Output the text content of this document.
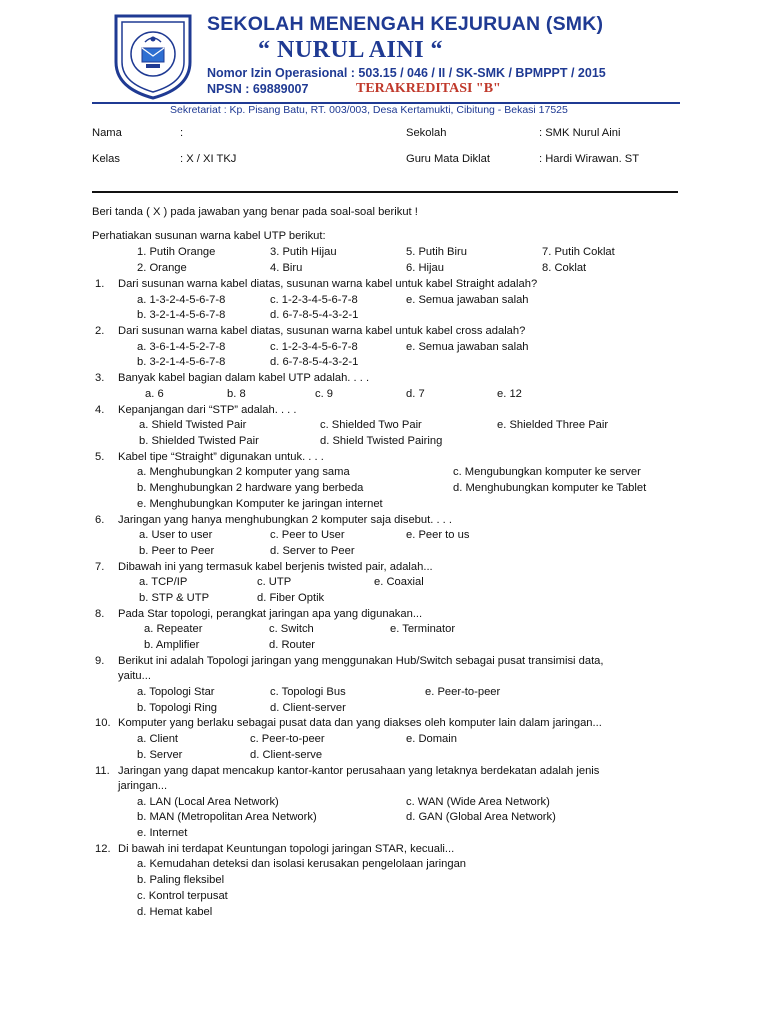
SEKOLAH MENENGAH KEJURUAN (SMK)
“ NURUL AINI “
Nomor Izin Operasional : 503.15 / 046 / II / SK-SMK / BPMPPT / 2015
NPSN : 69889007	TERAKREDITASI "B"
Sekretariat : Kp. Pisang Batu, RT. 003/003, Desa Kertamukti, Cibitung - Bekasi 17525
Nama	:	Sekolah	: SMK Nurul Aini
Kelas	: X / XI TKJ	Guru Mata Diklat	: Hardi Wirawan. ST
Beri tanda ( X ) pada jawaban yang benar pada soal-soal berikut !
Perhatiakan susunan warna kabel UTP berikut:
1. Putih Orange	3. Putih Hijau	5. Putih Biru	7. Putih Coklat
2. Orange	4. Biru	6. Hijau	8. Coklat
1. Dari susunan warna kabel diatas, susunan warna kabel untuk kabel Straight adalah?
a. 1-3-2-4-5-6-7-8	c. 1-2-3-4-5-6-7-8	e. Semua jawaban salah
b. 3-2-1-4-5-6-7-8	d. 6-7-8-5-4-3-2-1
2. Dari susunan warna kabel diatas, susunan warna kabel untuk kabel cross adalah?
a. 3-6-1-4-5-2-7-8	c. 1-2-3-4-5-6-7-8	e. Semua jawaban salah
b. 3-2-1-4-5-6-7-8	d. 6-7-8-5-4-3-2-1
3. Banyak kabel bagian dalam kabel UTP adalah. . . .
a. 6	b. 8	c. 9	d. 7	e. 12
4. Kepanjangan dari “STP” adalah. . . .
a. Shield Twisted Pair	c. Shielded Two Pair	e. Shielded Three Pair
b. Shielded Twisted Pair	d. Shield Twisted Pairing
5. Kabel tipe “Straight” digunakan untuk. . . .
a. Menghubungkan 2 komputer yang sama	c. Mengubungkan komputer ke server
b. Menghubungkan 2 hardware yang berbeda	d. Menghubungkan komputer ke Tablet
e. Menghubungkan Komputer ke jaringan internet
6. Jaringan yang hanya menghubungkan 2 komputer saja disebut. . . .
a. User to user	c. Peer to User	e. Peer to us
b. Peer to Peer	d. Server to Peer
7. Dibawah ini yang termasuk kabel berjenis twisted pair, adalah...
a. TCP/IP	c. UTP	e. Coaxial
b. STP & UTP	d. Fiber Optik
8. Pada Star topologi, perangkat jaringan apa yang digunakan...
a. Repeater	c. Switch	e. Terminator
b. Amplifier	d. Router
9. Berikut ini adalah Topologi jaringan yang menggunakan Hub/Switch sebagai pusat transimisi data,
yaitu...
a. Topologi Star	c. Topologi Bus	e. Peer-to-peer
b. Topologi Ring	d. Client-server
10. Komputer yang berlaku sebagai pusat data dan yang diakses oleh komputer lain dalam jaringan...
a. Client	c. Peer-to-peer	e. Domain
b. Server	d. Client-serve
11. Jaringan yang dapat mencakup kantor-kantor perusahaan yang letaknya berdekatan adalah jenis
jaringan...
a. LAN (Local Area Network)	c. WAN (Wide Area Network)
b. MAN (Metropolitan Area Network)	d. GAN (Global Area Network)
e. Internet
12. Di bawah ini terdapat Keuntungan topologi jaringan STAR, kecuali...
a. Kemudahan deteksi dan isolasi kerusakan pengelolaan jaringan
b. Paling fleksibel
c. Kontrol terpusat
d. Hemat kabel
